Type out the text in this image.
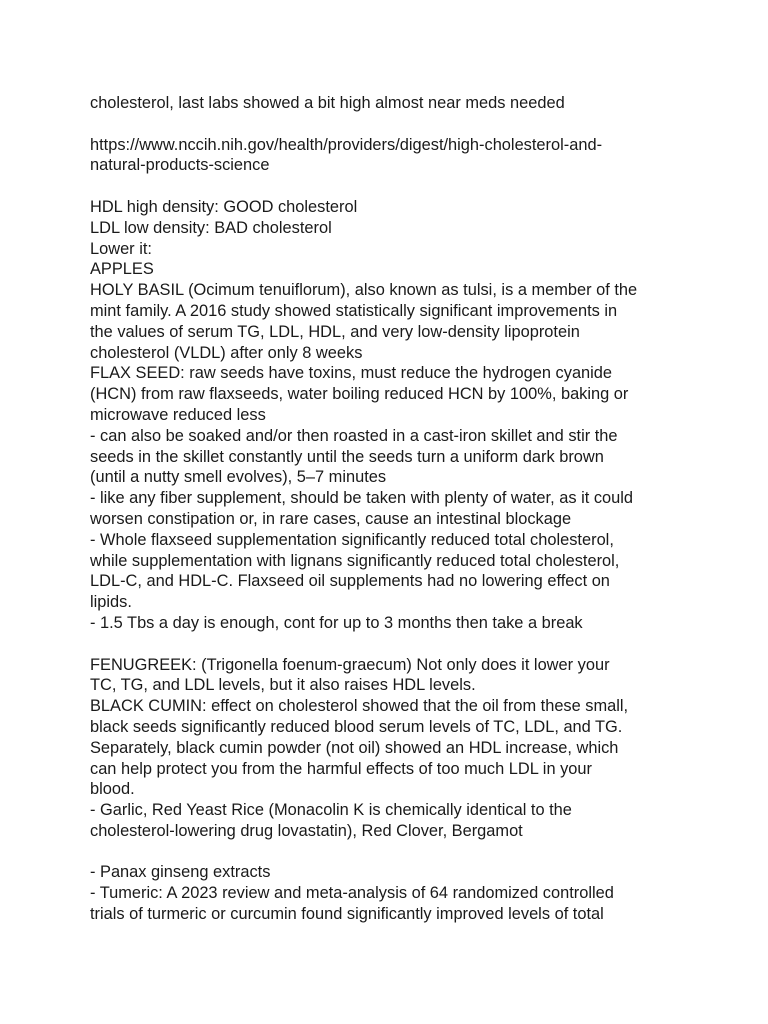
cholesterol, last labs showed a bit high almost near meds needed
https://www.nccih.nih.gov/health/providers/digest/high-cholesterol-and-
natural-products-science
HDL high density: GOOD cholesterol
LDL low density: BAD cholesterol
Lower it:
APPLES
HOLY BASIL (Ocimum tenuiflorum), also known as tulsi, is a member of the
mint family. A 2016 study showed statistically significant improvements in
the values of serum TG, LDL, HDL, and very low-density lipoprotein
cholesterol (VLDL) after only 8 weeks
FLAX SEED: raw seeds have toxins, must reduce the hydrogen cyanide
(HCN) from raw flaxseeds, water boiling reduced HCN by 100%, baking or
microwave reduced less
- can also be soaked and/or then roasted in a cast-iron skillet and stir the
seeds in the skillet constantly until the seeds turn a uniform dark brown
(until a nutty smell evolves), 5–7 minutes
- like any fiber supplement, should be taken with plenty of water, as it could
worsen constipation or, in rare cases, cause an intestinal blockage
- Whole flaxseed supplementation significantly reduced total cholesterol,
while supplementation with lignans significantly reduced total cholesterol,
LDL-C, and HDL-C. Flaxseed oil supplements had no lowering effect on
lipids.
- 1.5 Tbs a day is enough, cont for up to 3 months then take a break
FENUGREEK: (Trigonella foenum-graecum) Not only does it lower your
TC, TG, and LDL levels, but it also raises HDL levels.
BLACK CUMIN: effect on cholesterol showed that the oil from these small,
black seeds significantly reduced blood serum levels of TC, LDL, and TG.
Separately, black cumin powder (not oil) showed an HDL increase, which
can help protect you from the harmful effects of too much LDL in your
blood.
- Garlic, Red Yeast Rice (Monacolin K is chemically identical to the
cholesterol-lowering drug lovastatin), Red Clover, Bergamot
- Panax ginseng extracts
- Tumeric: A 2023 review and meta-analysis of 64 randomized controlled
trials of turmeric or curcumin found significantly improved levels of total
